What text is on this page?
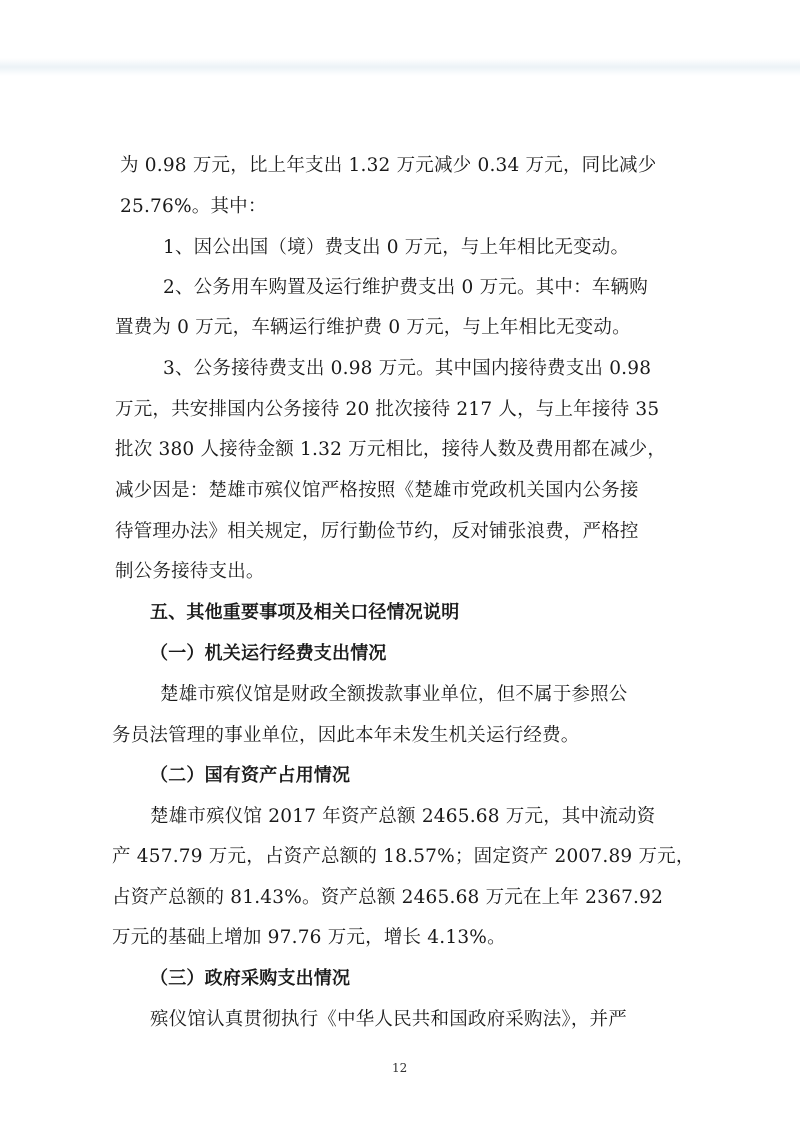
为 0.98 万元，比上年支出 1.32 万元减少 0.34 万元，同比减少
25.76%。其中：
1、因公出国（境）费支出 0 万元，与上年相比无变动。
2、公务用车购置及运行维护费支出 0 万元。其中：车辆购
置费为 0 万元，车辆运行维护费 0 万元，与上年相比无变动。
3、公务接待费支出 0.98 万元。其中国内接待费支出 0.98
万元，共安排国内公务接待 20 批次接待 217 人，与上年接待 35
批次 380 人接待金额 1.32 万元相比，接待人数及费用都在减少，
减少因是：楚雄市殡仪馆严格按照《楚雄市党政机关国内公务接
待管理办法》相关规定，厉行勤俭节约，反对铺张浪费，严格控
制公务接待支出。
五、其他重要事项及相关口径情况说明
（一）机关运行经费支出情况
楚雄市殡仪馆是财政全额拨款事业单位，但不属于参照公
务员法管理的事业单位，因此本年未发生机关运行经费。
（二）国有资产占用情况
楚雄市殡仪馆 2017 年资产总额 2465.68 万元，其中流动资
产 457.79 万元，占资产总额的 18.57%；固定资产 2007.89 万元，
占资产总额的 81.43%。资产总额 2465.68 万元在上年 2367.92
万元的基础上增加 97.76 万元，增长 4.13%。
（三）政府采购支出情况
殡仪馆认真贯彻执行《中华人民共和国政府采购法》，并严
12
